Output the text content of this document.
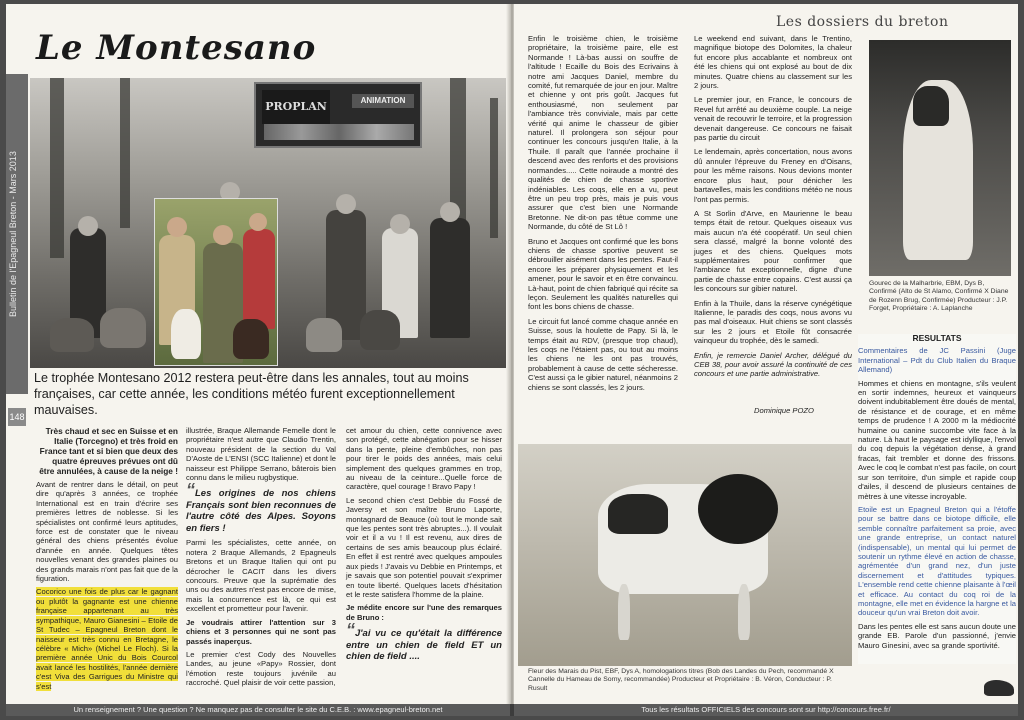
Bulletin de l'Epagneul Breton - Mars 2013
148
Le Montesano
PROPLAN	ANIMATION
Le trophée Montesano 2012 restera peut-être dans les annales, tout au moins françaises, car cette année, les conditions météo furent exceptionnellement mauvaises.

Très chaud et sec en Suisse et en Italie (Torcegno) et très froid en France tant et si bien que deux des quatre épreuves prévues ont dû être annulées, à cause de la neige !

Avant de rentrer dans le détail, on peut dire qu'après 3 années, ce trophée International est en train d'écrire ses premières lettres de noblesse. Si les spécialistes ont confirmé leurs aptitudes, force est de constater que le niveau général des chiens présentés évolue d'année en année. Quelques têtes nouvelles venant des grandes plaines ou des grands marais n'ont pas fait que de la figuration.

Cocorico une fois de plus car le gagnant ou plutôt la gagnante est une chienne française appartenant au très sympathique, Mauro Gianesini – Etoile de St Tudec – Epagneul Breton dont le naisseur est très connu en Bretagne, le célèbre « Mich» (Michel Le Floch). Si la première année Unic du Bois Courcol avait lancé les hostilités, l'année dernière c'est Viva des Garrigues du Ministre qui s'est

illustrée, Braque Allemande Femelle dont le propriétaire n'est autre que Claudio Trentin, nouveau président de la section du Val D'Aoste de L'ENSI (SCC Italienne) et dont le naisseur est Philippe Serrano, bâterois bien connu dans le milieu rugbystique.

“Les origines de nos chiens Français sont bien reconnues de l'autre côté des Alpes. Soyons en fiers !

Parmi les spécialistes, cette année, on notera 2 Braque Allemands, 2 Epagneuls Bretons et un Braque Italien qui ont pu décrocher le CACIT dans les divers concours. Preuve que la suprématie des uns ou des autres n'est pas encore de mise, mais la concurrence est là, ce qui est excellent et prometteur pour l'avenir.

Je voudrais attirer l'attention sur 3 chiens et 3 personnes qui ne sont pas passés inaperçus.

Le premier c'est Cody des Nouvelles Landes, au jeune «Papy» Rossier, dont l'émotion reste toujours juvénile au raccroché. Quel plaisir de voir cette passion,

cet amour du chien, cette connivence avec son protégé, cette abnégation pour se hisser dans la pente, pleine d'embûches, non pas pour tirer le poids des années, mais celui simplement des quelques grammes en trop, au niveau de la ceinture...Quelle force de caractère, quel courage ! Bravo Papy !

Le second chien c'est Debbie du Fossé de Javersy et son maître Bruno Laporte, montagnard de Beauce (où tout le monde sait que les pentes sont très abruptes...). Il voulait voir et il a vu ! Il est revenu, aux dires de certains de ses amis beaucoup plus éclairé. En effet il est rentré avec quelques ampoules aux pieds ! J'avais vu Debbie en Printemps, et je savais que son potentiel pouvait s'exprimer en toute liberté. Quelques lacets d'hésitation et le reste satisfera l'homme de la plaine.

Je médite encore sur l'une des remarques de Bruno :

“J'ai vu ce qu'était la différence entre un chien de field ET un chien de field ....
Les dossiers du breton

Enfin le troisième chien, le troisième propriétaire, la troisième paire, elle est Normande ! Là-bas aussi on souffre de l'altitude ! Ecaille du Bois des Ecrivains à notre ami Jacques Daniel, membre du comité, fut remarquée de jour en jour. Maître et chienne y ont pris goût. Jacques fut enthousiasmé, non seulement par l'ambiance très conviviale, mais par cette vérité qui anime le chasseur de gibier naturel. Il prolongera son séjour pour continuer les concours jusqu'en Italie, à la Thuile. Il paraît que l'année prochaine il descend avec des renforts et des provisions normandes..... Cette noiraude a montré des qualités de chien de chasse sportive indéniables. Les coqs, elle en a vu, peut être un peu trop près, mais je puis vous assurer que c'est bien une Normande Bretonne. Ne dit-on pas têtue comme une Normande, du côté de St Lô !

Bruno et Jacques ont confirmé que les bons chiens de chasse sportive peuvent se débrouiller aisément dans les pentes. Faut-il encore les préparer physiquement et les amener, pour le savoir et en être convaincu. Là-haut, point de chien fabriqué qui récite sa leçon. Seulement les qualités naturelles qui font les bons chiens de chasse.

Le circuit fut lancé comme chaque année en Suisse, sous la houlette de Papy. Si là, le temps était au RDV, (presque trop chaud), les coqs ne l'étaient pas, ou tout au moins les chiens ne les ont pas trouvés, probablement à cause de cette sécheresse. C'est aussi ça le gibier naturel, néanmoins 2 chiens se sont classés, les 2 jours.

Le weekend end suivant, dans le Trentino, magnifique biotope des Dolomites, la chaleur fut encore plus accablante et nombreux ont été les chiens qui ont explosé au bout de dix minutes. Quatre chiens au classement sur les 2 jours.

Le premier jour, en France, le concours de Revel fut arrêté au deuxième couple. La neige venait de recouvrir le terroire, et la progression devenait dangereuse. Ce concours ne faisait pas partie du circuit

Le lendemain, après concertation, nous avons dû annuler l'épreuve du Freney en d'Oisans, pour les même raisons. Nous devions monter encore plus haut, pour dénicher les bartavelles, mais les conditions météo ne nous l'ont pas permis.

A St Sorlin d'Arve, en Maurienne le beau temps était de retour. Quelques oiseaux vus mais aucun n'a été coopératif. Un seul chien sera classé, malgré la bonne volonté des juges et des chiens. Quelques mots supplémentaires pour confirmer que l'ambiance fut exceptionnelle, digne d'une partie de chasse entre copains. C'est aussi ça les concours sur gibier naturel.

Enfin à la Thuile, dans la réserve cynégétique Italienne, le paradis des coqs, nous avons vu pas mal d'oiseaux. Huit chiens se sont classés sur les 2 jours et Etoile fût consacrée vainqueur du trophée, dès le samedi.

Enfin, je remercie Daniel Archer, délégué du CEB 38, pour avoir assuré la continuité de ces concours et une partie administrative.

Dominique POZO
Gourec de la Malharbrie, EBM, Dys B, Confirmé (Alto de St Alamo, Confirmé X Diane de Rozenn Brug, Confirmée) Producteur : J.P. Forget, Propriétaire : A. Laplanche
Fleur des Marais du Pist, EBF, Dys A, homologations titres (Bob des Landes du Pech, recommandé X Cannelle du Hameau de Sorny, recommandée) Producteur et Propriétaire : B. Véron, Conducteur : P. Rusult
RESULTATS

Commentaires de JC Passini (Juge International – Pdt du Club Italien du Braque Allemand)

Hommes et chiens en montagne, s'ils veulent en sortir indemnes, heureux et vainqueurs doivent indubitablement être doués de mental, de résistance et de courage, et en même temps de prudence ! A 2000 m la médiocrité humaine ou canine succombe vite face à la nature. Là haut le paysage est idyllique, l'envol du coq depuis la végétation dense, à grand fracas, fait trembler et donne des frissons. Avec le coq le combat n'est pas facile, on court sur son territoire, d'un simple et rapide coup d'ailes, il descend de plusieurs centaines de mètres à une vitesse incroyable.

Etoile est un Epagneul Breton qui a l'étoffe pour se battre dans ce biotope difficile, elle semble connaître parfaitement sa proie, avec une grande entreprise, un contact naturel (indispensable), un mental qui lui permet de soutenir un rythme élevé en action de chasse, agrémentée d'un grand nez, d'un juste discernement et d'attitudes typiques. L'ensemble rend cette chienne plaisante à l'œil et efficace. Au contact du coq roi de la montagne, elle met en évidence la hargne et la douceur qu'un vrai Breton doit avoir.

Dans les pentes elle est sans aucun doute une grande EB. Parole d'un passionné, j'envie Mauro Ginesini, avec sa grande sportivité.

Un renseignement ? Une question ? Ne manquez pas de consulter le site du C.E.B. : www.epagneul-breton.net	Tous les résultats OFFICIELS des concours sont sur http://concours.free.fr/
